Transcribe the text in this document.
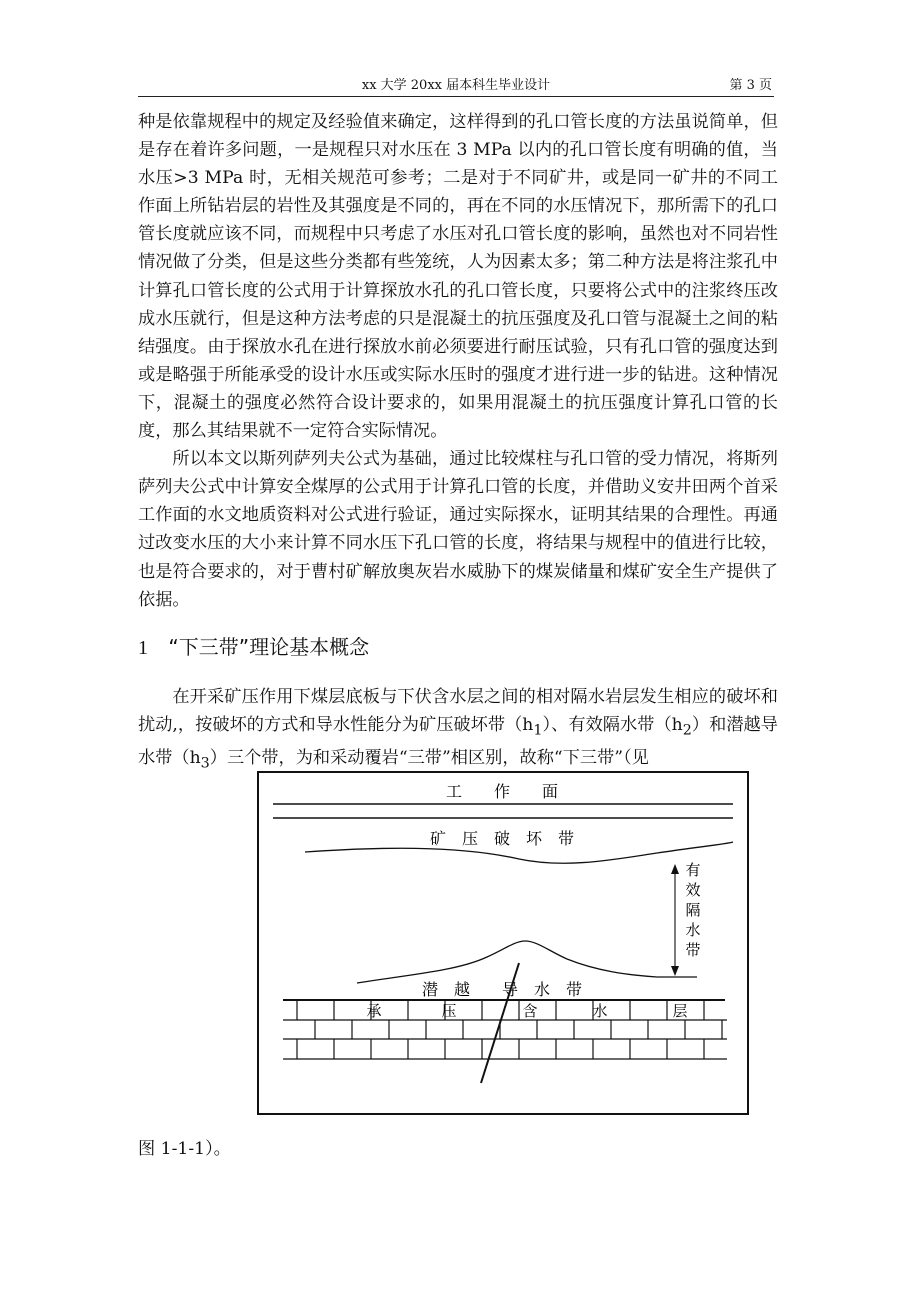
xx 大学 20xx 届本科生毕业设计	第 3 页

种是依靠规程中的规定及经验值来确定，这样得到的孔口管长度的方法虽说简单，但是存在着许多问题，一是规程只对水压在 3 MPa 以内的孔口管长度有明确的值，当水压>3 MPa 时，无相关规范可参考；二是对于不同矿井，或是同一矿井的不同工作面上所钻岩层的岩性及其强度是不同的，再在不同的水压情况下，那所需下的孔口管长度就应该不同，而规程中只考虑了水压对孔口管长度的影响，虽然也对不同岩性情况做了分类，但是这些分类都有些笼统，人为因素太多；第二种方法是将注浆孔中计算孔口管长度的公式用于计算探放水孔的孔口管长度，只要将公式中的注浆终压改成水压就行，但是这种方法考虑的只是混凝土的抗压强度及孔口管与混凝土之间的粘结强度。由于探放水孔在进行探放水前必须要进行耐压试验，只有孔口管的强度达到或是略强于所能承受的设计水压或实际水压时的强度才进行进一步的钻进。这种情况下，混凝土的强度必然符合设计要求的，如果用混凝土的抗压强度计算孔口管的长度，那么其结果就不一定符合实际情况。

所以本文以斯列萨列夫公式为基础，通过比较煤柱与孔口管的受力情况，将斯列萨列夫公式中计算安全煤厚的公式用于计算孔口管的长度，并借助义安井田两个首采工作面的水文地质资料对公式进行验证，通过实际探水，证明其结果的合理性。再通过改变水压的大小来计算不同水压下孔口管的长度，将结果与规程中的值进行比较，也是符合要求的，对于曹村矿解放奥灰岩水威胁下的煤炭储量和煤矿安全生产提供了依据。

1 “下三带”理论基本概念

在开采矿压作用下煤层底板与下伏含水层之间的相对隔水岩层发生相应的破坏和扰动,，按破坏的方式和导水性能分为矿压破坏带$(h_1)$、有效隔水带$(h_2)$和潜越导水带$(h_3)$三个带，为和采动覆岩“三带”相区别，故称“下三带”（见

工　　作　　面
矿　压　破　坏　带
有
效
隔
水
带
潜　越　　导　水　带
承	压	含	水	层
图 1-1-1）。
